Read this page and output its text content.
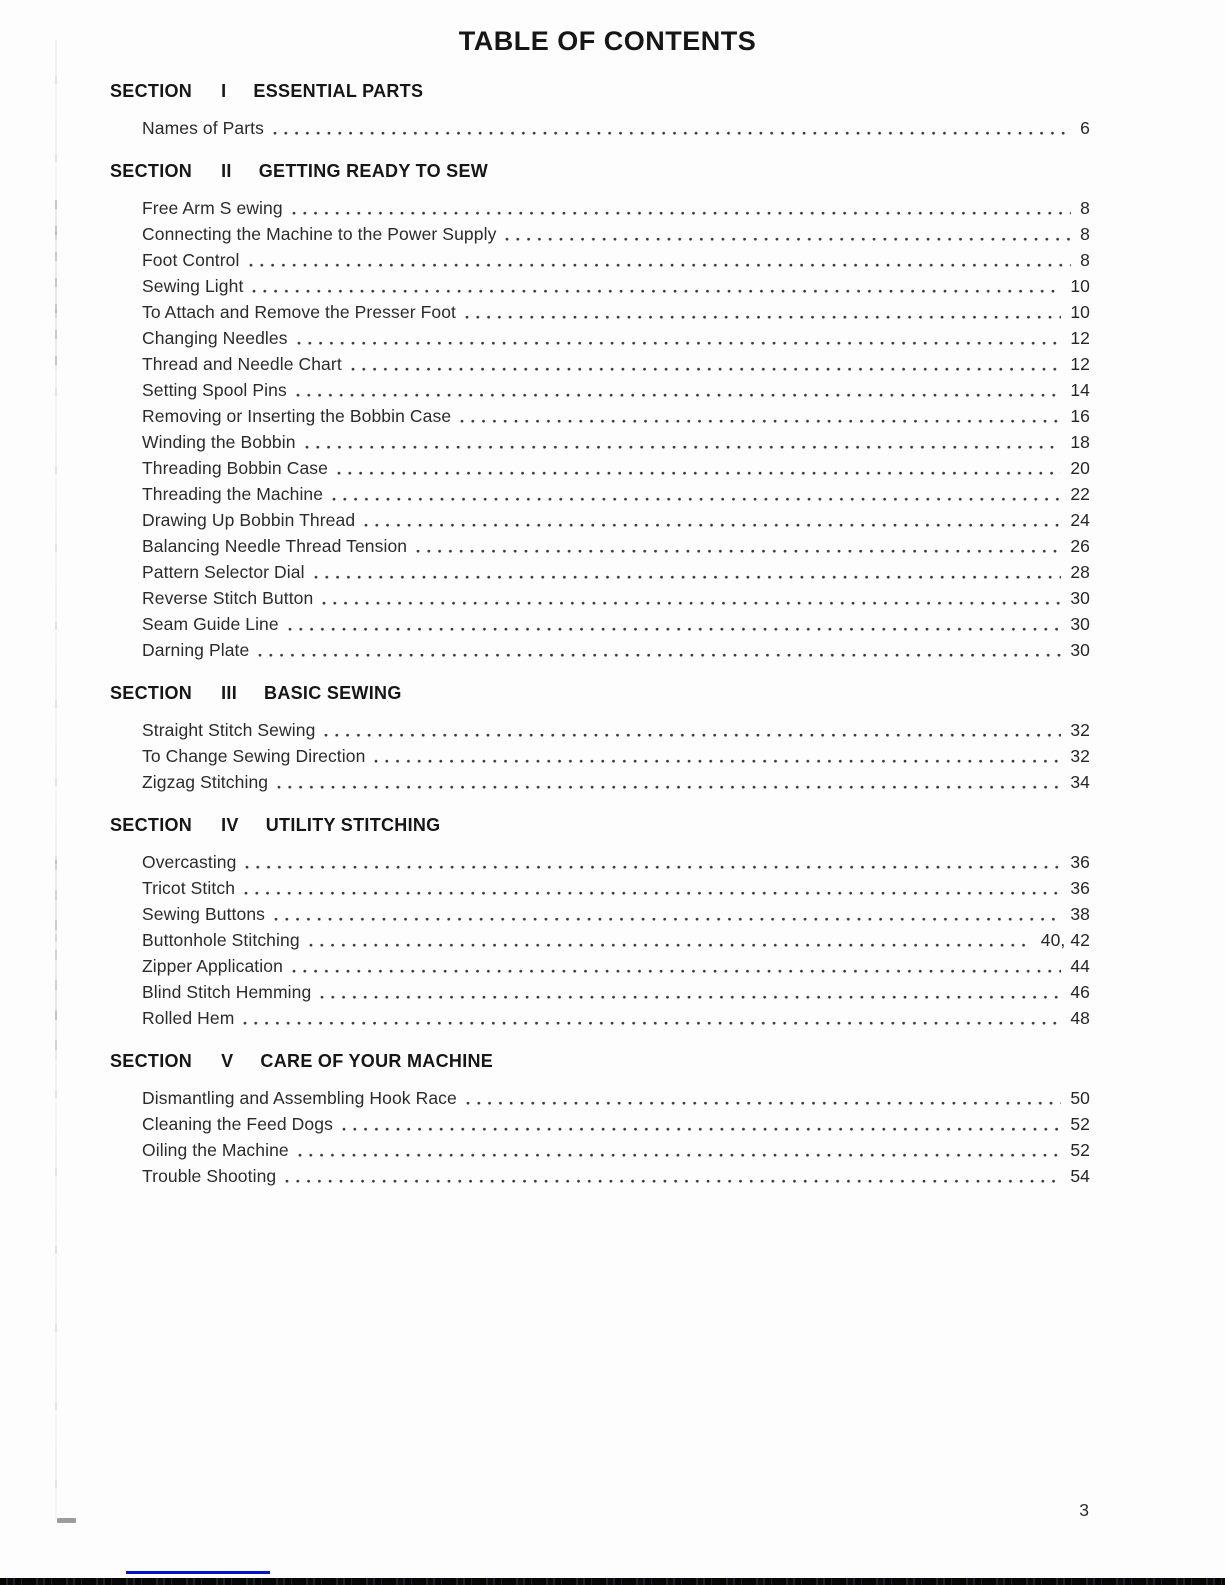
TABLE OF CONTENTS
SECTION I ESSENTIAL PARTS
Names of Parts	6
SECTION II GETTING READY TO SEW
Free Arm S ewing	8
Connecting the Machine to the Power Supply	8
Foot Control	8
Sewing Light	10
To Attach and Remove the Presser Foot	10
Changing Needles	12
Thread and Needle Chart	12
Setting Spool Pins	14
Removing or Inserting the Bobbin Case	16
Winding the Bobbin	18
Threading Bobbin Case	20
Threading the Machine	22
Drawing Up Bobbin Thread	24
Balancing Needle Thread Tension	26
Pattern Selector Dial	28
Reverse Stitch Button	30
Seam Guide Line	30
Darning Plate	30
SECTION III BASIC SEWING
Straight Stitch Sewing	32
To Change Sewing Direction	32
Zigzag Stitching	34
SECTION IV UTILITY STITCHING
Overcasting	36
Tricot Stitch	36
Sewing Buttons	38
Buttonhole Stitching	40, 42
Zipper Application	44
Blind Stitch Hemming	46
Rolled Hem	48
SECTION V CARE OF YOUR MACHINE
Dismantling and Assembling Hook Race	50
Cleaning the Feed Dogs	52
Oiling the Machine	52
Trouble Shooting	54
3
